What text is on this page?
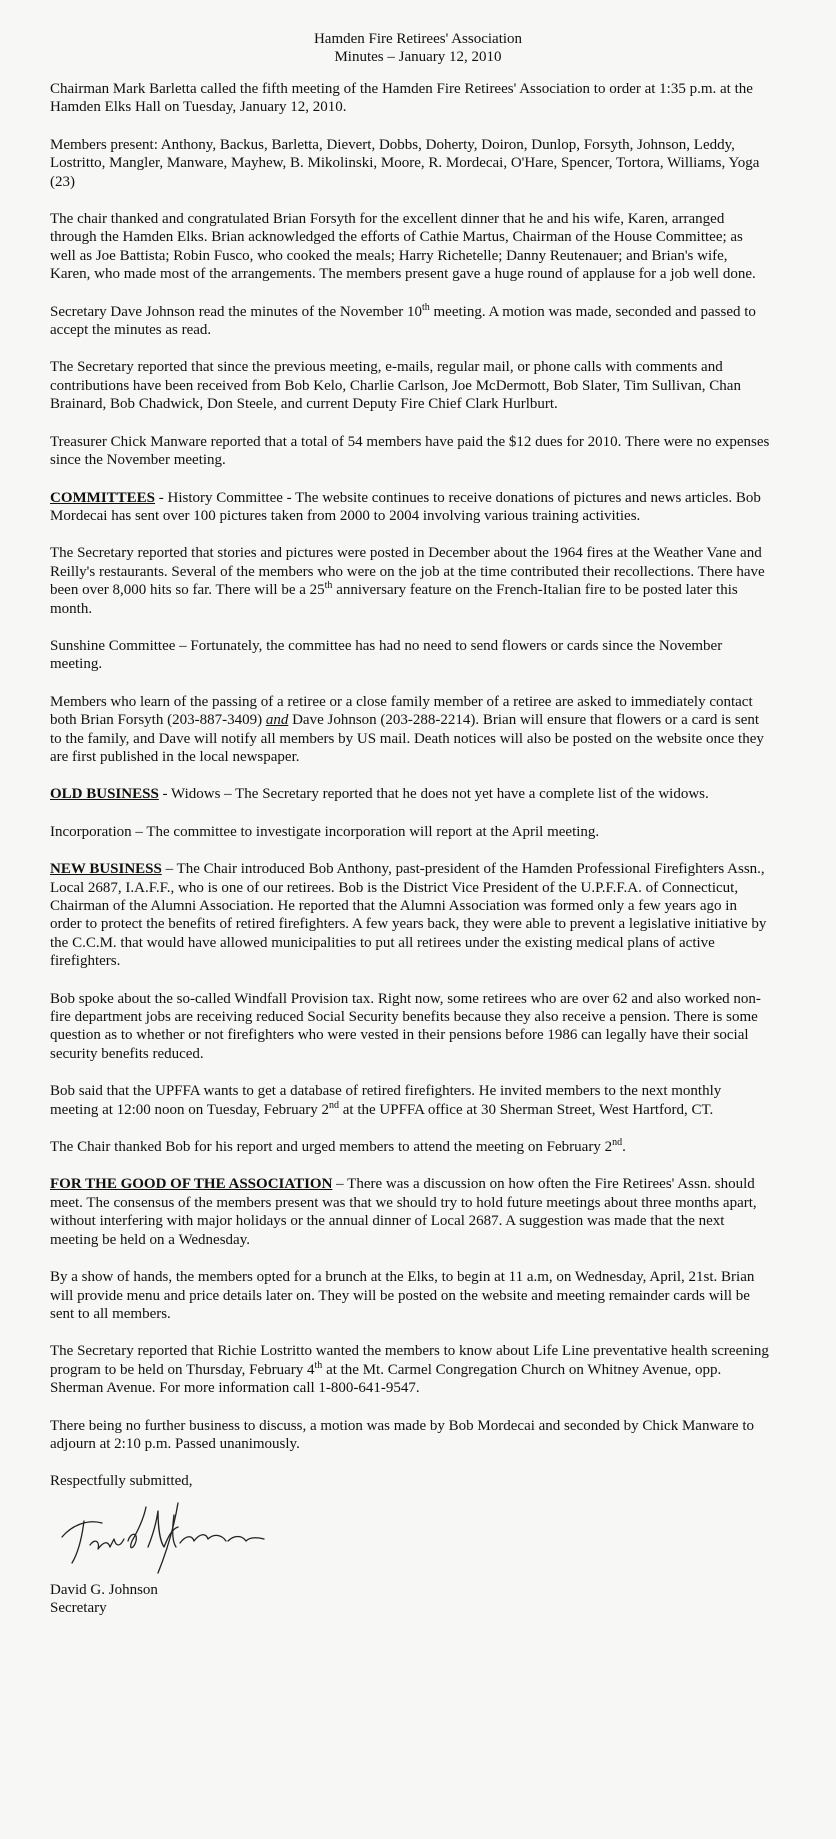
Hamden Fire Retirees' Association
Minutes – January 12, 2010

Chairman Mark Barletta called the fifth meeting of the Hamden Fire Retirees' Association to order at 1:35 p.m. at the Hamden Elks Hall on Tuesday, January 12, 2010.

Members present: Anthony, Backus, Barletta, Dievert, Dobbs, Doherty, Doiron, Dunlop, Forsyth, Johnson, Leddy, Lostritto, Mangler, Manware, Mayhew, B. Mikolinski, Moore, R. Mordecai, O'Hare, Spencer, Tortora, Williams, Yoga (23)

The chair thanked and congratulated Brian Forsyth for the excellent dinner that he and his wife, Karen, arranged through the Hamden Elks. Brian acknowledged the efforts of Cathie Martus, Chairman of the House Committee; as well as Joe Battista; Robin Fusco, who cooked the meals; Harry Richetelle; Danny Reutenauer; and Brian's wife, Karen, who made most of the arrangements. The members present gave a huge round of applause for a job well done.

Secretary Dave Johnson read the minutes of the November 10th meeting. A motion was made, seconded and passed to accept the minutes as read.

The Secretary reported that since the previous meeting, e-mails, regular mail, or phone calls with comments and contributions have been received from Bob Kelo, Charlie Carlson, Joe McDermott, Bob Slater, Tim Sullivan, Chan Brainard, Bob Chadwick, Don Steele, and current Deputy Fire Chief Clark Hurlburt.

Treasurer Chick Manware reported that a total of 54 members have paid the $12 dues for 2010. There were no expenses since the November meeting.

COMMITTEES - History Committee - The website continues to receive donations of pictures and news articles. Bob Mordecai has sent over 100 pictures taken from 2000 to 2004 involving various training activities.

The Secretary reported that stories and pictures were posted in December about the 1964 fires at the Weather Vane and Reilly's restaurants. Several of the members who were on the job at the time contributed their recollections. There have been over 8,000 hits so far. There will be a 25th anniversary feature on the French-Italian fire to be posted later this month.

Sunshine Committee – Fortunately, the committee has had no need to send flowers or cards since the November meeting.

Members who learn of the passing of a retiree or a close family member of a retiree are asked to immediately contact both Brian Forsyth (203-887-3409) and Dave Johnson (203-288-2214). Brian will ensure that flowers or a card is sent to the family, and Dave will notify all members by US mail. Death notices will also be posted on the website once they are first published in the local newspaper.

OLD BUSINESS - Widows – The Secretary reported that he does not yet have a complete list of the widows.

Incorporation – The committee to investigate incorporation will report at the April meeting.

NEW BUSINESS – The Chair introduced Bob Anthony, past-president of the Hamden Professional Firefighters Assn., Local 2687, I.A.F.F., who is one of our retirees. Bob is the District Vice President of the U.P.F.F.A. of Connecticut, Chairman of the Alumni Association. He reported that the Alumni Association was formed only a few years ago in order to protect the benefits of retired firefighters. A few years back, they were able to prevent a legislative initiative by the C.C.M. that would have allowed municipalities to put all retirees under the existing medical plans of active firefighters.

Bob spoke about the so-called Windfall Provision tax. Right now, some retirees who are over 62 and also worked non-fire department jobs are receiving reduced Social Security benefits because they also receive a pension. There is some question as to whether or not firefighters who were vested in their pensions before 1986 can legally have their social security benefits reduced.

Bob said that the UPFFA wants to get a database of retired firefighters. He invited members to the next monthly meeting at 12:00 noon on Tuesday, February 2nd at the UPFFA office at 30 Sherman Street, West Hartford, CT.

The Chair thanked Bob for his report and urged members to attend the meeting on February 2nd.

FOR THE GOOD OF THE ASSOCIATION – There was a discussion on how often the Fire Retirees' Assn. should meet. The consensus of the members present was that we should try to hold future meetings about three months apart, without interfering with major holidays or the annual dinner of Local 2687. A suggestion was made that the next meeting be held on a Wednesday.

By a show of hands, the members opted for a brunch at the Elks, to begin at 11 a.m, on Wednesday, April, 21st. Brian will provide menu and price details later on. They will be posted on the website and meeting remainder cards will be sent to all members.

The Secretary reported that Richie Lostritto wanted the members to know about Life Line preventative health screening program to be held on Thursday, February 4th at the Mt. Carmel Congregation Church on Whitney Avenue, opp. Sherman Avenue. For more information call 1-800-641-9547.

There being no further business to discuss, a motion was made by Bob Mordecai and seconded by Chick Manware to adjourn at 2:10 p.m. Passed unanimously.

Respectfully submitted,

David G. Johnson

Secretary
